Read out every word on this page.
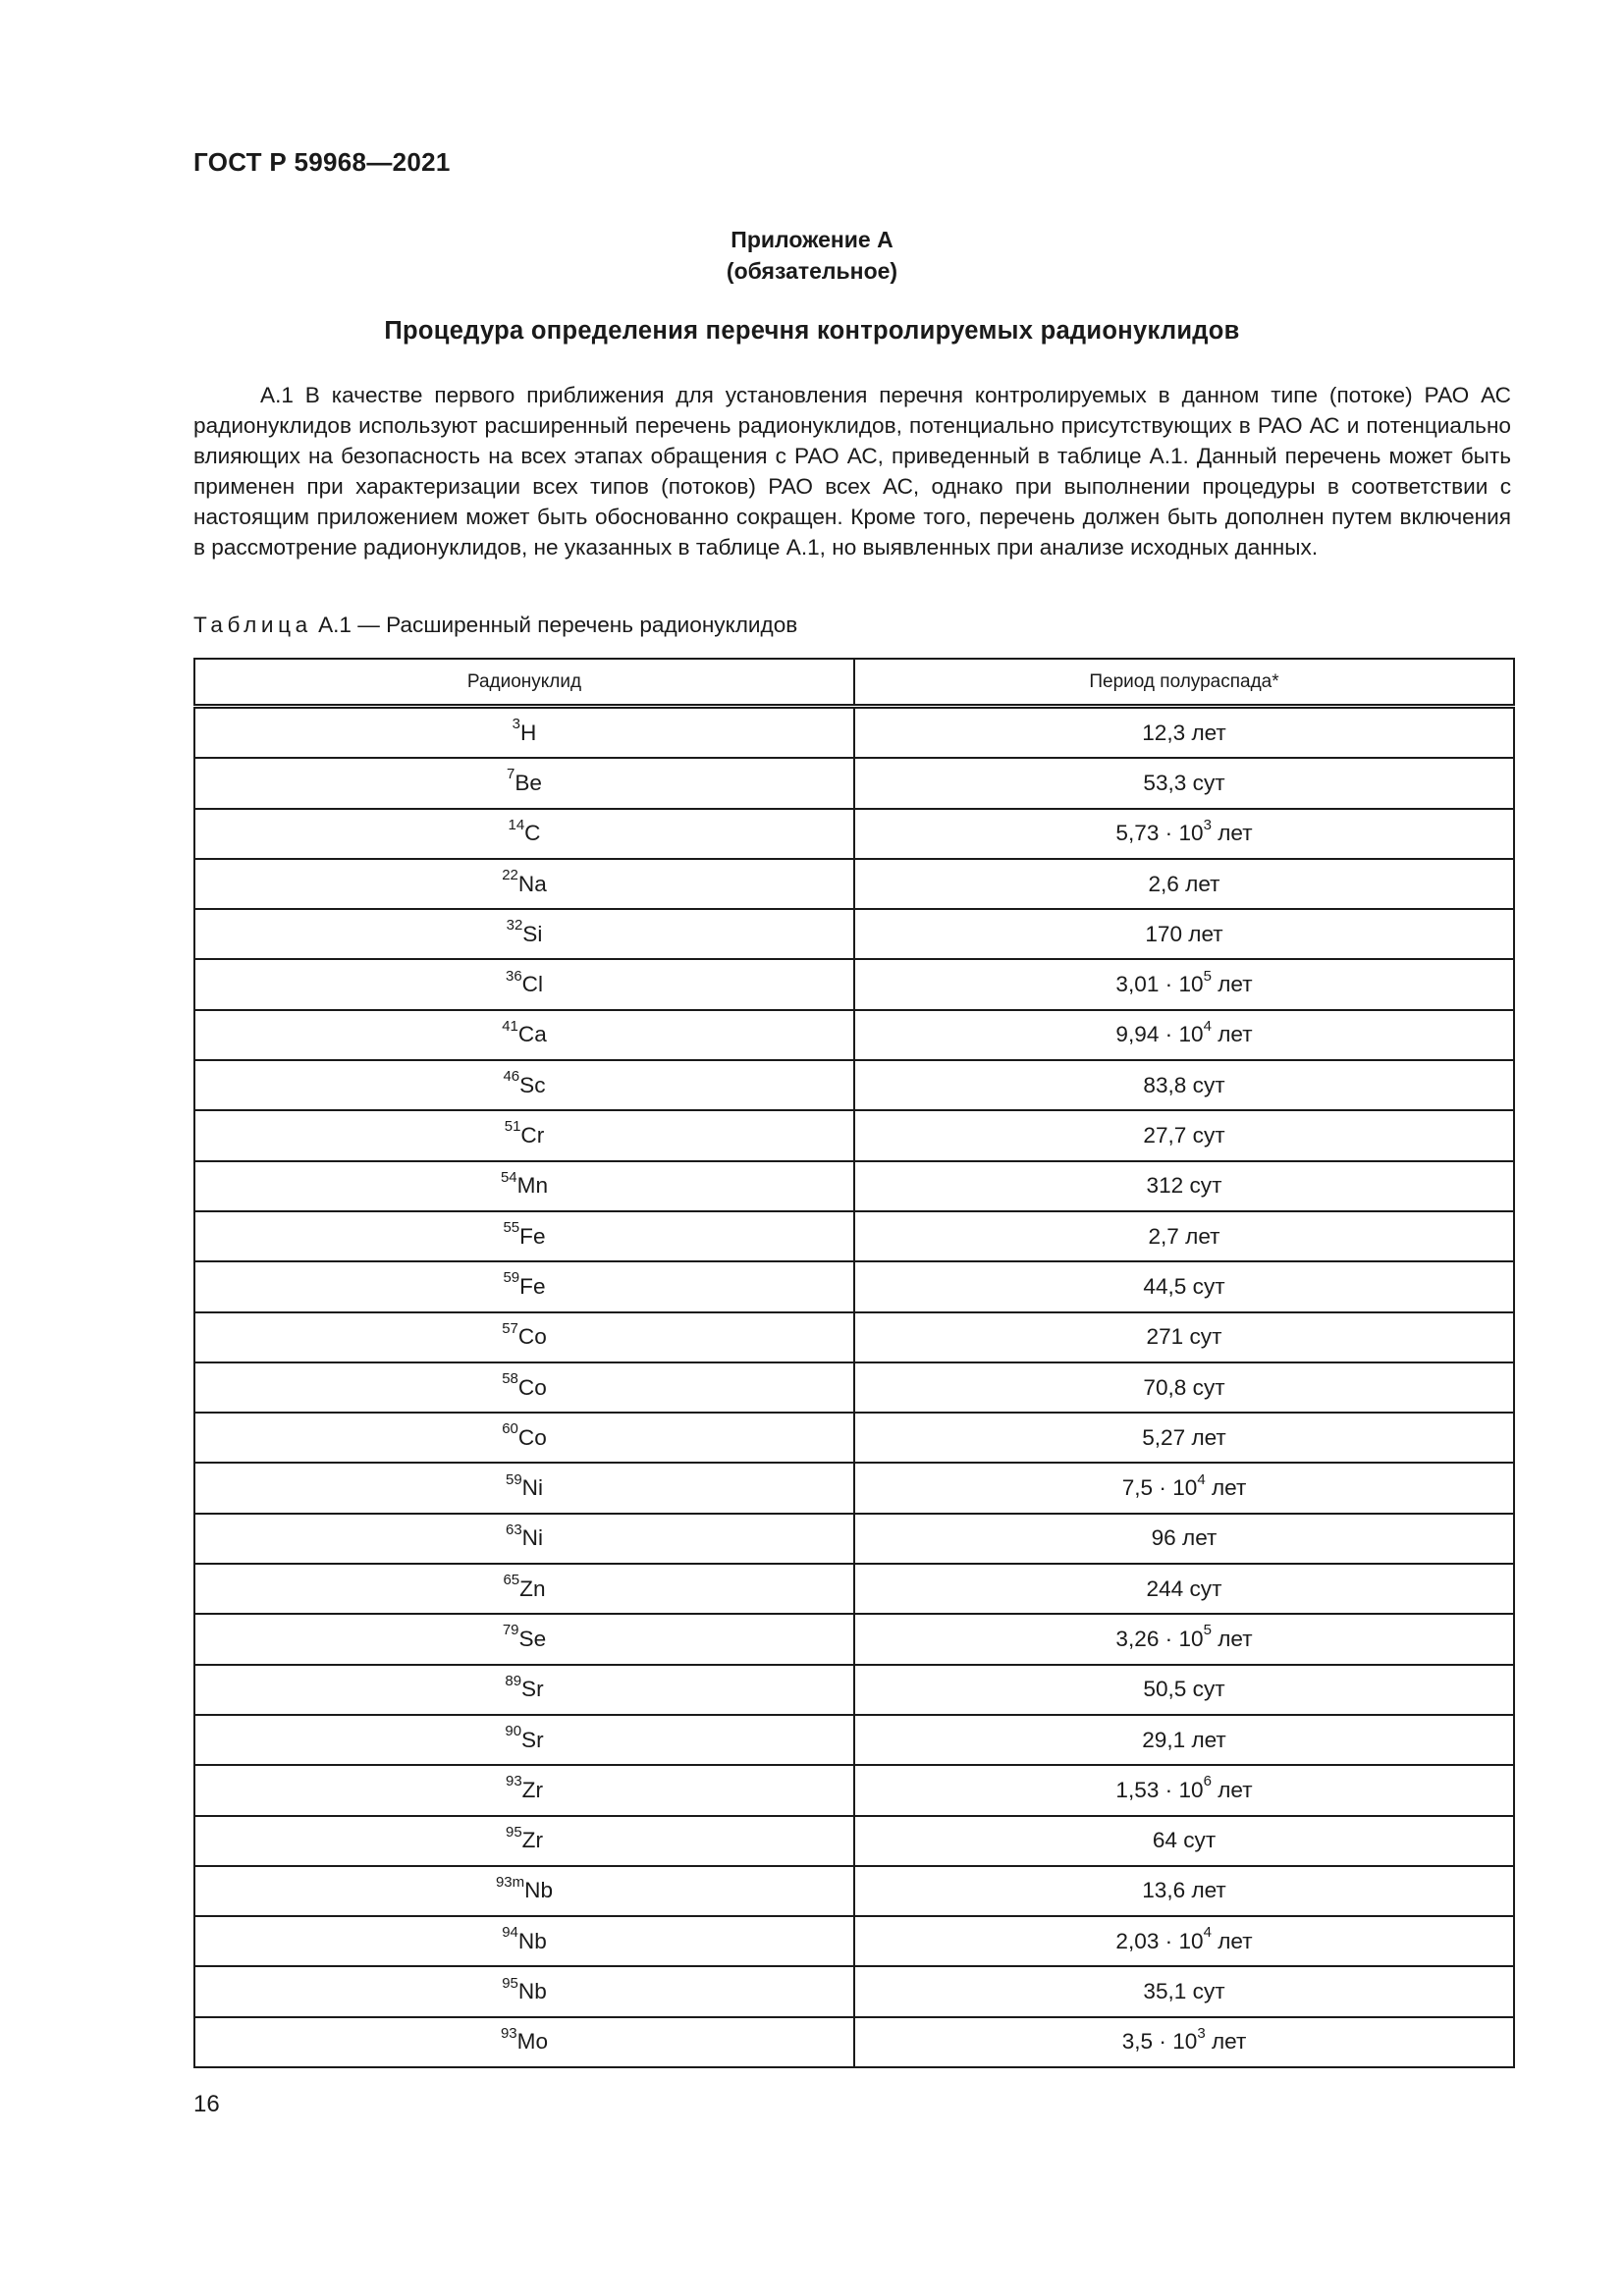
ГОСТ Р 59968—2021
Приложение А
(обязательное)
Процедура определения перечня контролируемых радионуклидов

А.1 В качестве первого приближения для установления перечня контролируемых в данном типе (потоке) РАО АС радионуклидов используют расширенный перечень радионуклидов, потенциально присутствующих в РАО АС и потенциально влияющих на безопасность на всех этапах обращения с РАО АС, приведенный в таблице А.1. Данный перечень может быть применен при характеризации всех типов (потоков) РАО всех АС, однако при выполнении процедуры в соответствии с настоящим приложением может быть обоснованно сокращен. Кроме того, перечень должен быть дополнен путем включения в рассмотрение радионуклидов, не указанных в таблице А.1, но выявленных при анализе исходных данных.

Таблица А.1 — Расширенный перечень радионуклидов
Радионуклид	Период полураспада*
$^3$H	12,3 лет
$^7$Be	53,3 сут
$^{14}$C	$5,73 \cdot 10^3$ лет
$^{22}$Na	2,6 лет
$^{32}$Si	170 лет
$^{36}$Cl	$3,01 \cdot 10^5$ лет
$^{41}$Ca	$9,94 \cdot 10^4$ лет
$^{46}$Sc	83,8 сут
$^{51}$Cr	27,7 сут
$^{54}$Mn	312 сут
$^{55}$Fe	2,7 лет
$^{59}$Fe	44,5 сут
$^{57}$Co	271 сут
$^{58}$Co	70,8 сут
$^{60}$Co	5,27 лет
$^{59}$Ni	$7,5 \cdot 10^4$ лет
$^{63}$Ni	96 лет
$^{65}$Zn	244 сут
$^{79}$Se	$3,26 \cdot 10^5$ лет
$^{89}$Sr	50,5 сут
$^{90}$Sr	29,1 лет
$^{93}$Zr	$1,53 \cdot 10^6$ лет
$^{95}$Zr	64 сут
$^{93m}$Nb	13,6 лет
$^{94}$Nb	$2,03 \cdot 10^4$ лет
$^{95}$Nb	35,1 сут
$^{93}$Mo	$3,5 \cdot 10^3$ лет
16
